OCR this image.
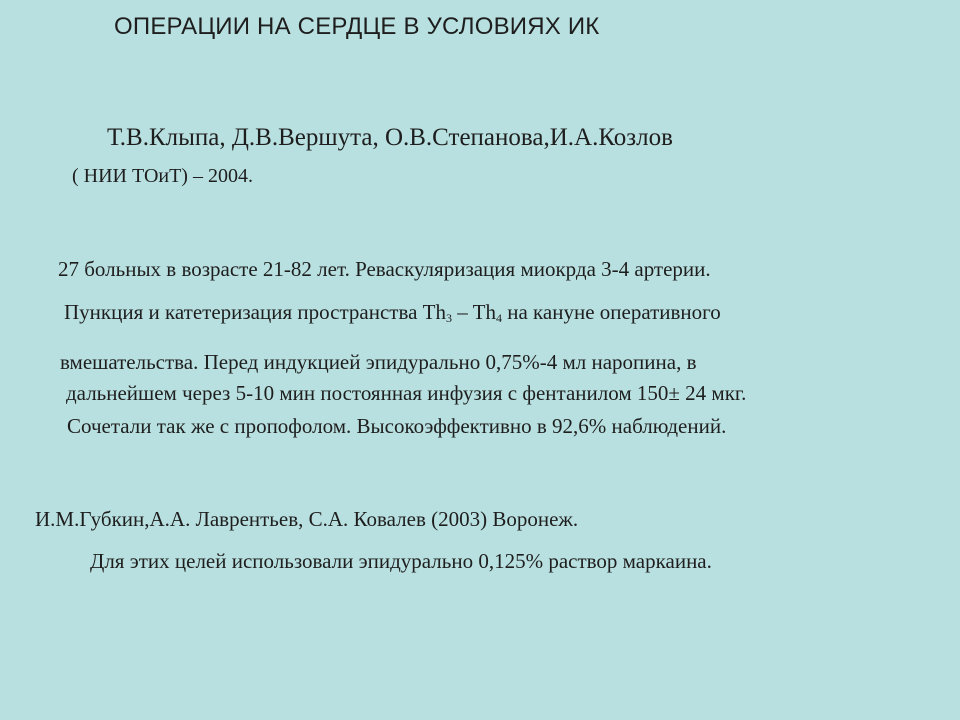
ОПЕРАЦИИ НА СЕРДЦЕ В УСЛОВИЯХ ИК

Т.В.Клыпа, Д.В.Вершута, О.В.Степанова,И.А.Козлов

( НИИ ТОиТ) – 2004.

27 больных в возрасте 21-82 лет. Реваскуляризация миокрда 3-4 артерии.

Пункция и катетеризация пространства $Th_3 - Th_4$ на кануне оперативного

вмешательства. Перед индукцией эпидурально 0,75%-4 мл наропина, в

дальнейшем через 5-10 мин постоянная инфузия с фентанилом 150± 24 мкг.

Сочетали так же с пропофолом. Высокоэффективно в 92,6% наблюдений.

И.М.Губкин,А.А. Лаврентьев, С.А. Ковалев (2003) Воронеж.

Для этих целей использовали эпидурально 0,125% раствор маркаина.
